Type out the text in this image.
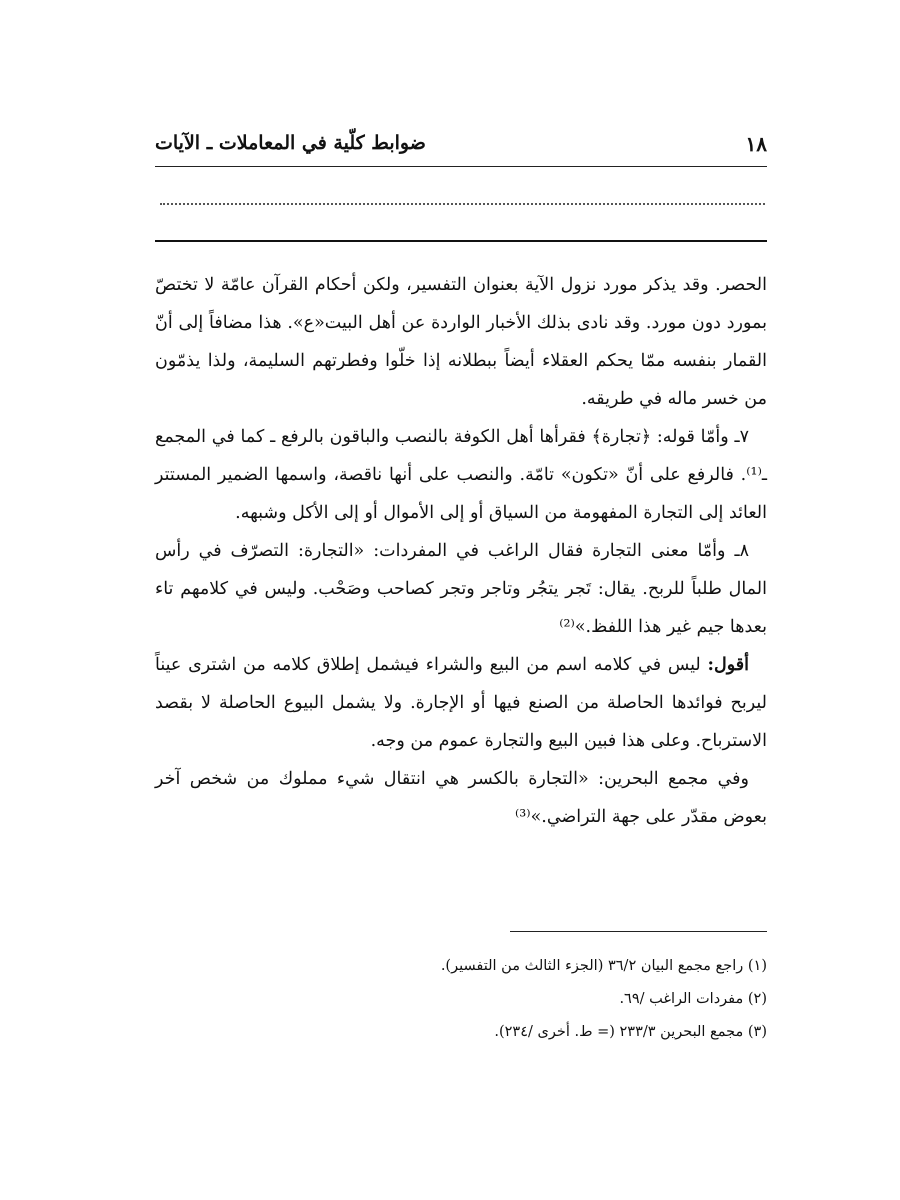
١٨
ضوابط كلّية في المعاملات ـ الآيات

الحصر. وقد يذكر مورد نزول الآية بعنوان التفسير، ولكن أحكام القرآن عامّة لا تختصّ بمورد دون مورد. وقد نادى بذلك الأخبار الواردة عن أهل البيت«ع». هذا مضافاً إلى أنّ القمار بنفسه ممّا يحكم العقلاء أيضاً ببطلانه إذا خلّوا وفطرتهم السليمة، ولذا يذمّون من خسر ماله في طريقه.

٧ـ وأمّا قوله: ﴿تجارة﴾ فقرأها أهل الكوفة بالنصب والباقون بالرفع ـ كما في المجمع ـ⁽¹⁾. فالرفع على أنّ «تكون» تامّة. والنصب على أنها ناقصة، واسمها الضمير المستتر العائد إلى التجارة المفهومة من السياق أو إلى الأموال أو إلى الأكل وشبهه.

٨ـ وأمّا معنى التجارة فقال الراغب في المفردات: «التجارة: التصرّف في رأس المال طلباً للربح. يقال: تَجر يتجُر وتاجر وتجر كصاحب وصَحْب. وليس في كلامهم تاء بعدها جيم غير هذا اللفظ.»⁽²⁾

أقول: ليس في كلامه اسم من البيع والشراء فيشمل إطلاق كلامه من اشترى عيناً ليربح فوائدها الحاصلة من الصنع فيها أو الإجارة. ولا يشمل البيوع الحاصلة لا بقصد الاسترباح. وعلى هذا فبين البيع والتجارة عموم من وجه.

وفي مجمع البحرين: «التجارة بالكسر هي انتقال شيء مملوك من شخص آخر بعوض مقدّر على جهة التراضي.»⁽³⁾

(١) راجع مجمع البيان ٣٦/٢ (الجزء الثالث من التفسير).
(٢) مفردات الراغب /٦٩.
(٣) مجمع البحرين ٢٣٣/٣ (= ط. أخرى /٢٣٤).
